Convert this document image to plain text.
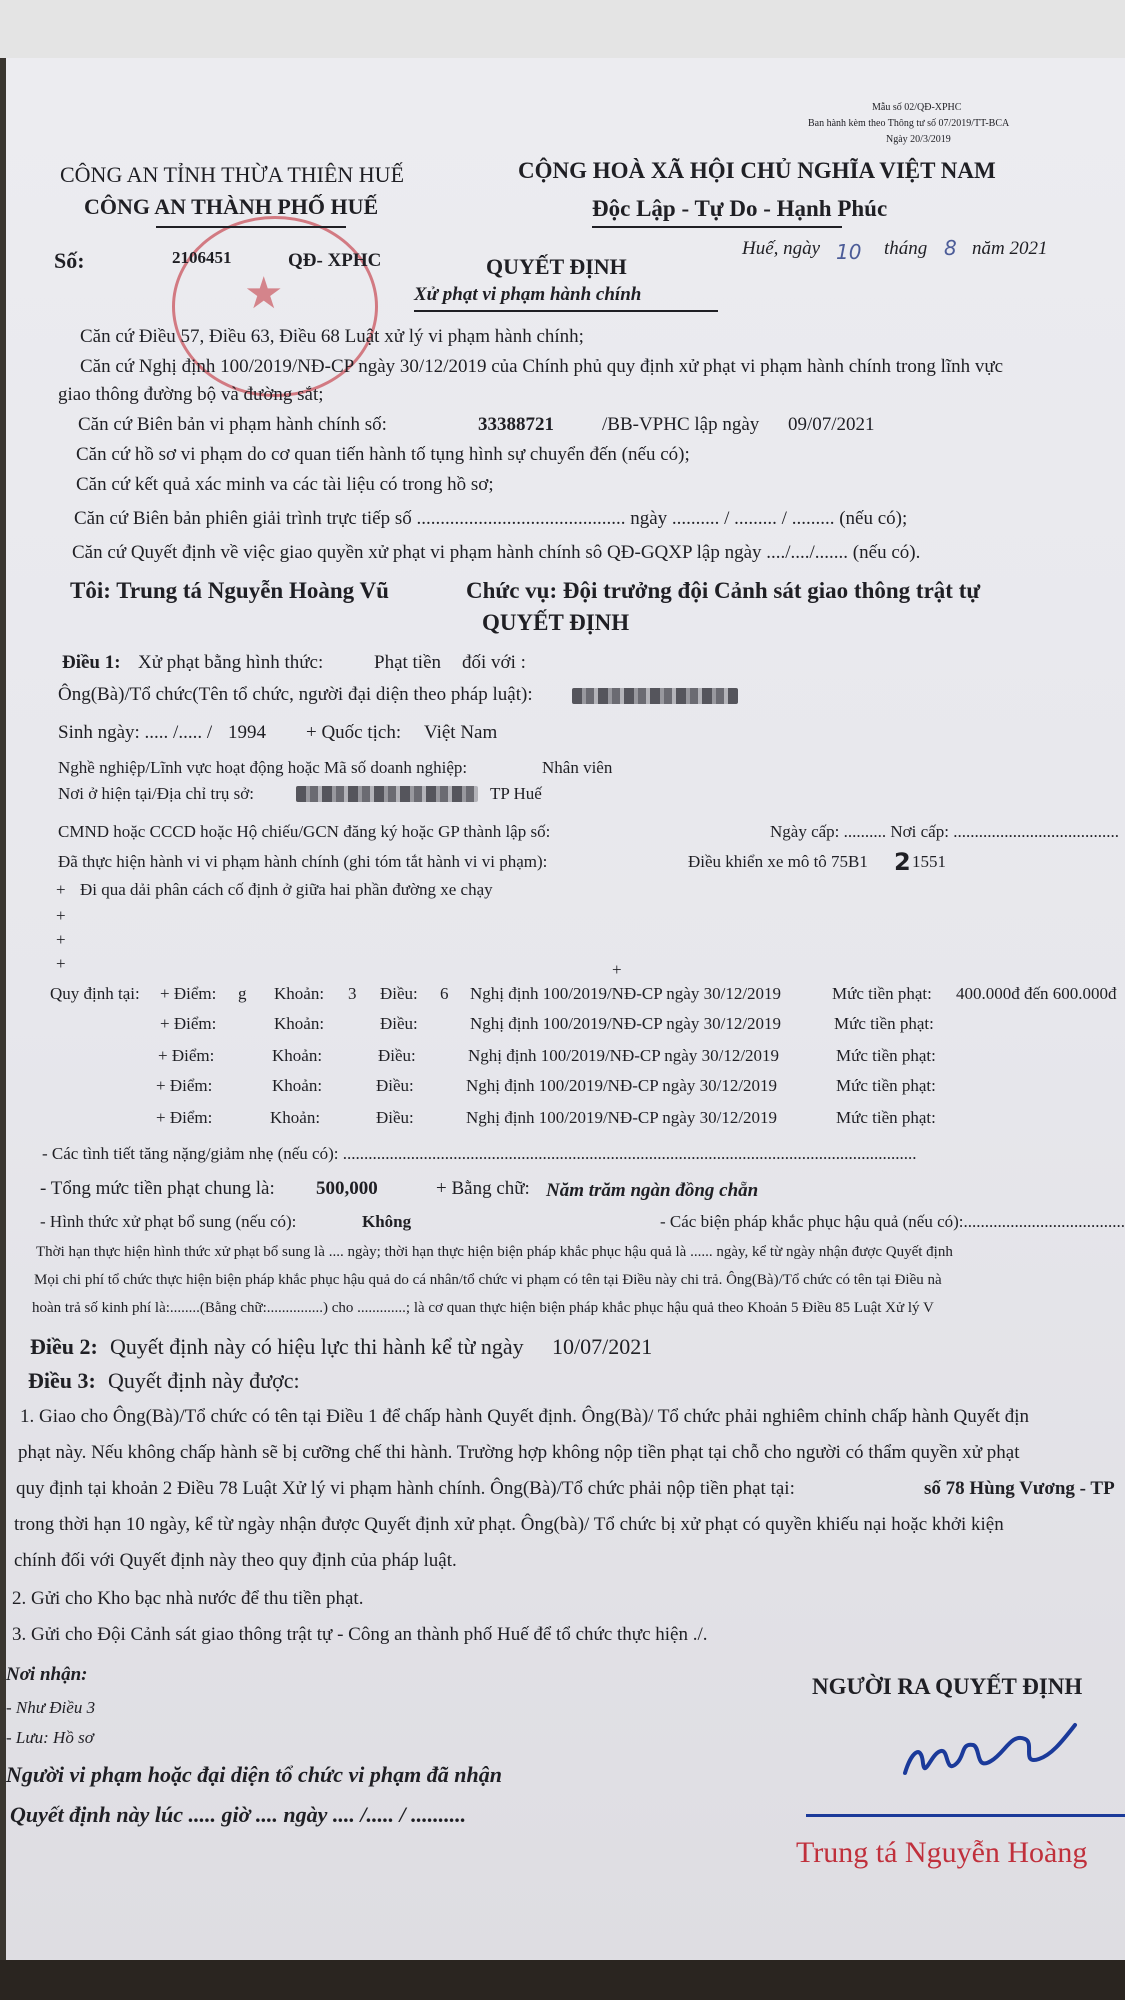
Mẫu số 02/QĐ-XPHC
Ban hành kèm theo Thông tư số 07/2019/TT-BCA
Ngày 20/3/2019
★
CÔNG AN TỈNH THỪA THIÊN HUẾ
CÔNG AN THÀNH PHỐ HUẾ
CỘNG HOÀ XÃ HỘI CHỦ NGHĨA VIỆT NAM
Độc Lập - Tự Do - Hạnh Phúc
Số:	2106451	QĐ- XPHC
Huế, ngày 10 tháng 8 năm 2021
QUYẾT ĐỊNH
Xử phạt vi phạm hành chính
Căn cứ Điều 57, Điều 63, Điều 68 Luật xử lý vi phạm hành chính;
Căn cứ Nghị định 100/2019/NĐ-CP ngày 30/12/2019 của Chính phủ quy định xử phạt vi phạm hành chính trong lĩnh vực
giao thông đường bộ và đường sắt;
Căn cứ Biên bản vi phạm hành chính số:	33388721	/BB-VPHC lập ngày 09/07/2021
Căn cứ hồ sơ vi phạm do cơ quan tiến hành tố tụng hình sự chuyển đến (nếu có);
Căn cứ kết quả xác minh va các tài liệu có trong hồ sơ;
Căn cứ Biên bản phiên giải trình trực tiếp số ............................................ ngày .......... / ......... / ......... (nếu có);
Căn cứ Quyết định về việc giao quyền xử phạt vi phạm hành chính sô QĐ-GQXP lập ngày ..../..../....... (nếu có).
Tôi: Trung tá Nguyễn Hoàng Vũ	Chức vụ: Đội trưởng đội Cảnh sát giao thông trật tự
QUYẾT ĐỊNH
Điều 1: Xử phạt bằng hình thức:	Phạt tiền đối với :
Ông(Bà)/Tổ chức(Tên tổ chức, người đại diện theo pháp luật):
Sinh ngày: ..... /..... / 1994 + Quốc tịch: Việt Nam
Nghề nghiệp/Lĩnh vực hoạt động hoặc Mã số doanh nghiệp:	Nhân viên
Nơi ở hiện tại/Địa chỉ trụ sở:	TP Huế
CMND hoặc CCCD hoặc Hộ chiếu/GCN đăng ký hoặc GP thành lập số:	Ngày cấp: .......... Nơi cấp: .......................................
Đã thực hiện hành vi vi phạm hành chính (ghi tóm tắt hành vi vi phạm):	Điều khiển xe mô tô 75B1 2 1551
+ Đi qua dải phân cách cố định ở giữa hai phần đường xe chạy
+
+
+	+
Quy định tại: + Điểm: g Khoản: 3 Điều: 6 Nghị định 100/2019/NĐ-CP ngày 30/12/2019	Mức tiền phạt: 400.000đ đến 600.000đ
+ Điểm:	Khoản:	Điều:	Nghị định 100/2019/NĐ-CP ngày 30/12/2019	Mức tiền phạt:
+ Điểm:	Khoản:	Điều:	Nghị định 100/2019/NĐ-CP ngày 30/12/2019	Mức tiền phạt:
+ Điểm:	Khoản:	Điều:	Nghị định 100/2019/NĐ-CP ngày 30/12/2019	Mức tiền phạt:
+ Điểm:	Khoản:	Điều:	Nghị định 100/2019/NĐ-CP ngày 30/12/2019	Mức tiền phạt:
- Các tình tiết tăng nặng/giảm nhẹ (nếu có): .......................................................................................................................................
- Tổng mức tiền phạt chung là: 500,000	+ Bằng chữ: Năm trăm ngàn đồng chẵn
- Hình thức xử phạt bổ sung (nếu có):	Không	- Các biện pháp khắc phục hậu quả (nếu có):......................................
Thời hạn thực hiện hình thức xử phạt bổ sung là .... ngày; thời hạn thực hiện biện pháp khắc phục hậu quả là ...... ngày, kể từ ngày nhận được Quyết định
Mọi chi phí tổ chức thực hiện biện pháp khắc phục hậu quả do cá nhân/tổ chức vi phạm có tên tại Điều này chi trả. Ông(Bà)/Tổ chức có tên tại Điều nà
hoàn trả số kinh phí là:........(Bằng chữ:...............) cho .............; là cơ quan thực hiện biện pháp khắc phục hậu quả theo Khoản 5 Điều 85 Luật Xử lý V
Điều 2: Quyết định này có hiệu lực thi hành kể từ ngày 10/07/2021
Điều 3: Quyết định này được:
1. Giao cho Ông(Bà)/Tổ chức có tên tại Điều 1 để chấp hành Quyết định. Ông(Bà)/ Tổ chức phải nghiêm chỉnh chấp hành Quyết địn
phạt này. Nếu không chấp hành sẽ bị cưỡng chế thi hành. Trường hợp không nộp tiền phạt tại chỗ cho người có thẩm quyền xử phạt
quy định tại khoản 2 Điều 78 Luật Xử lý vi phạm hành chính. Ông(Bà)/Tổ chức phải nộp tiền phạt tại:	số 78 Hùng Vương - TP
trong thời hạn 10 ngày, kể từ ngày nhận được Quyết định xử phạt. Ông(bà)/ Tổ chức bị xử phạt có quyền khiếu nại hoặc khởi kiện
chính đối với Quyết định này theo quy định của pháp luật.
2. Gửi cho Kho bạc nhà nước để thu tiền phạt.
3. Gửi cho Đội Cảnh sát giao thông trật tự - Công an thành phố Huế để tổ chức thực hiện ./.
Nơi nhận:
- Như Điều 3
- Lưu: Hồ sơ
Người vi phạm hoặc đại diện tổ chức vi phạm đã nhận
Quyết định này lúc ..... giờ .... ngày .... /..... / ..........
NGƯỜI RA QUYẾT ĐỊNH
Trung tá Nguyễn Hoàng
